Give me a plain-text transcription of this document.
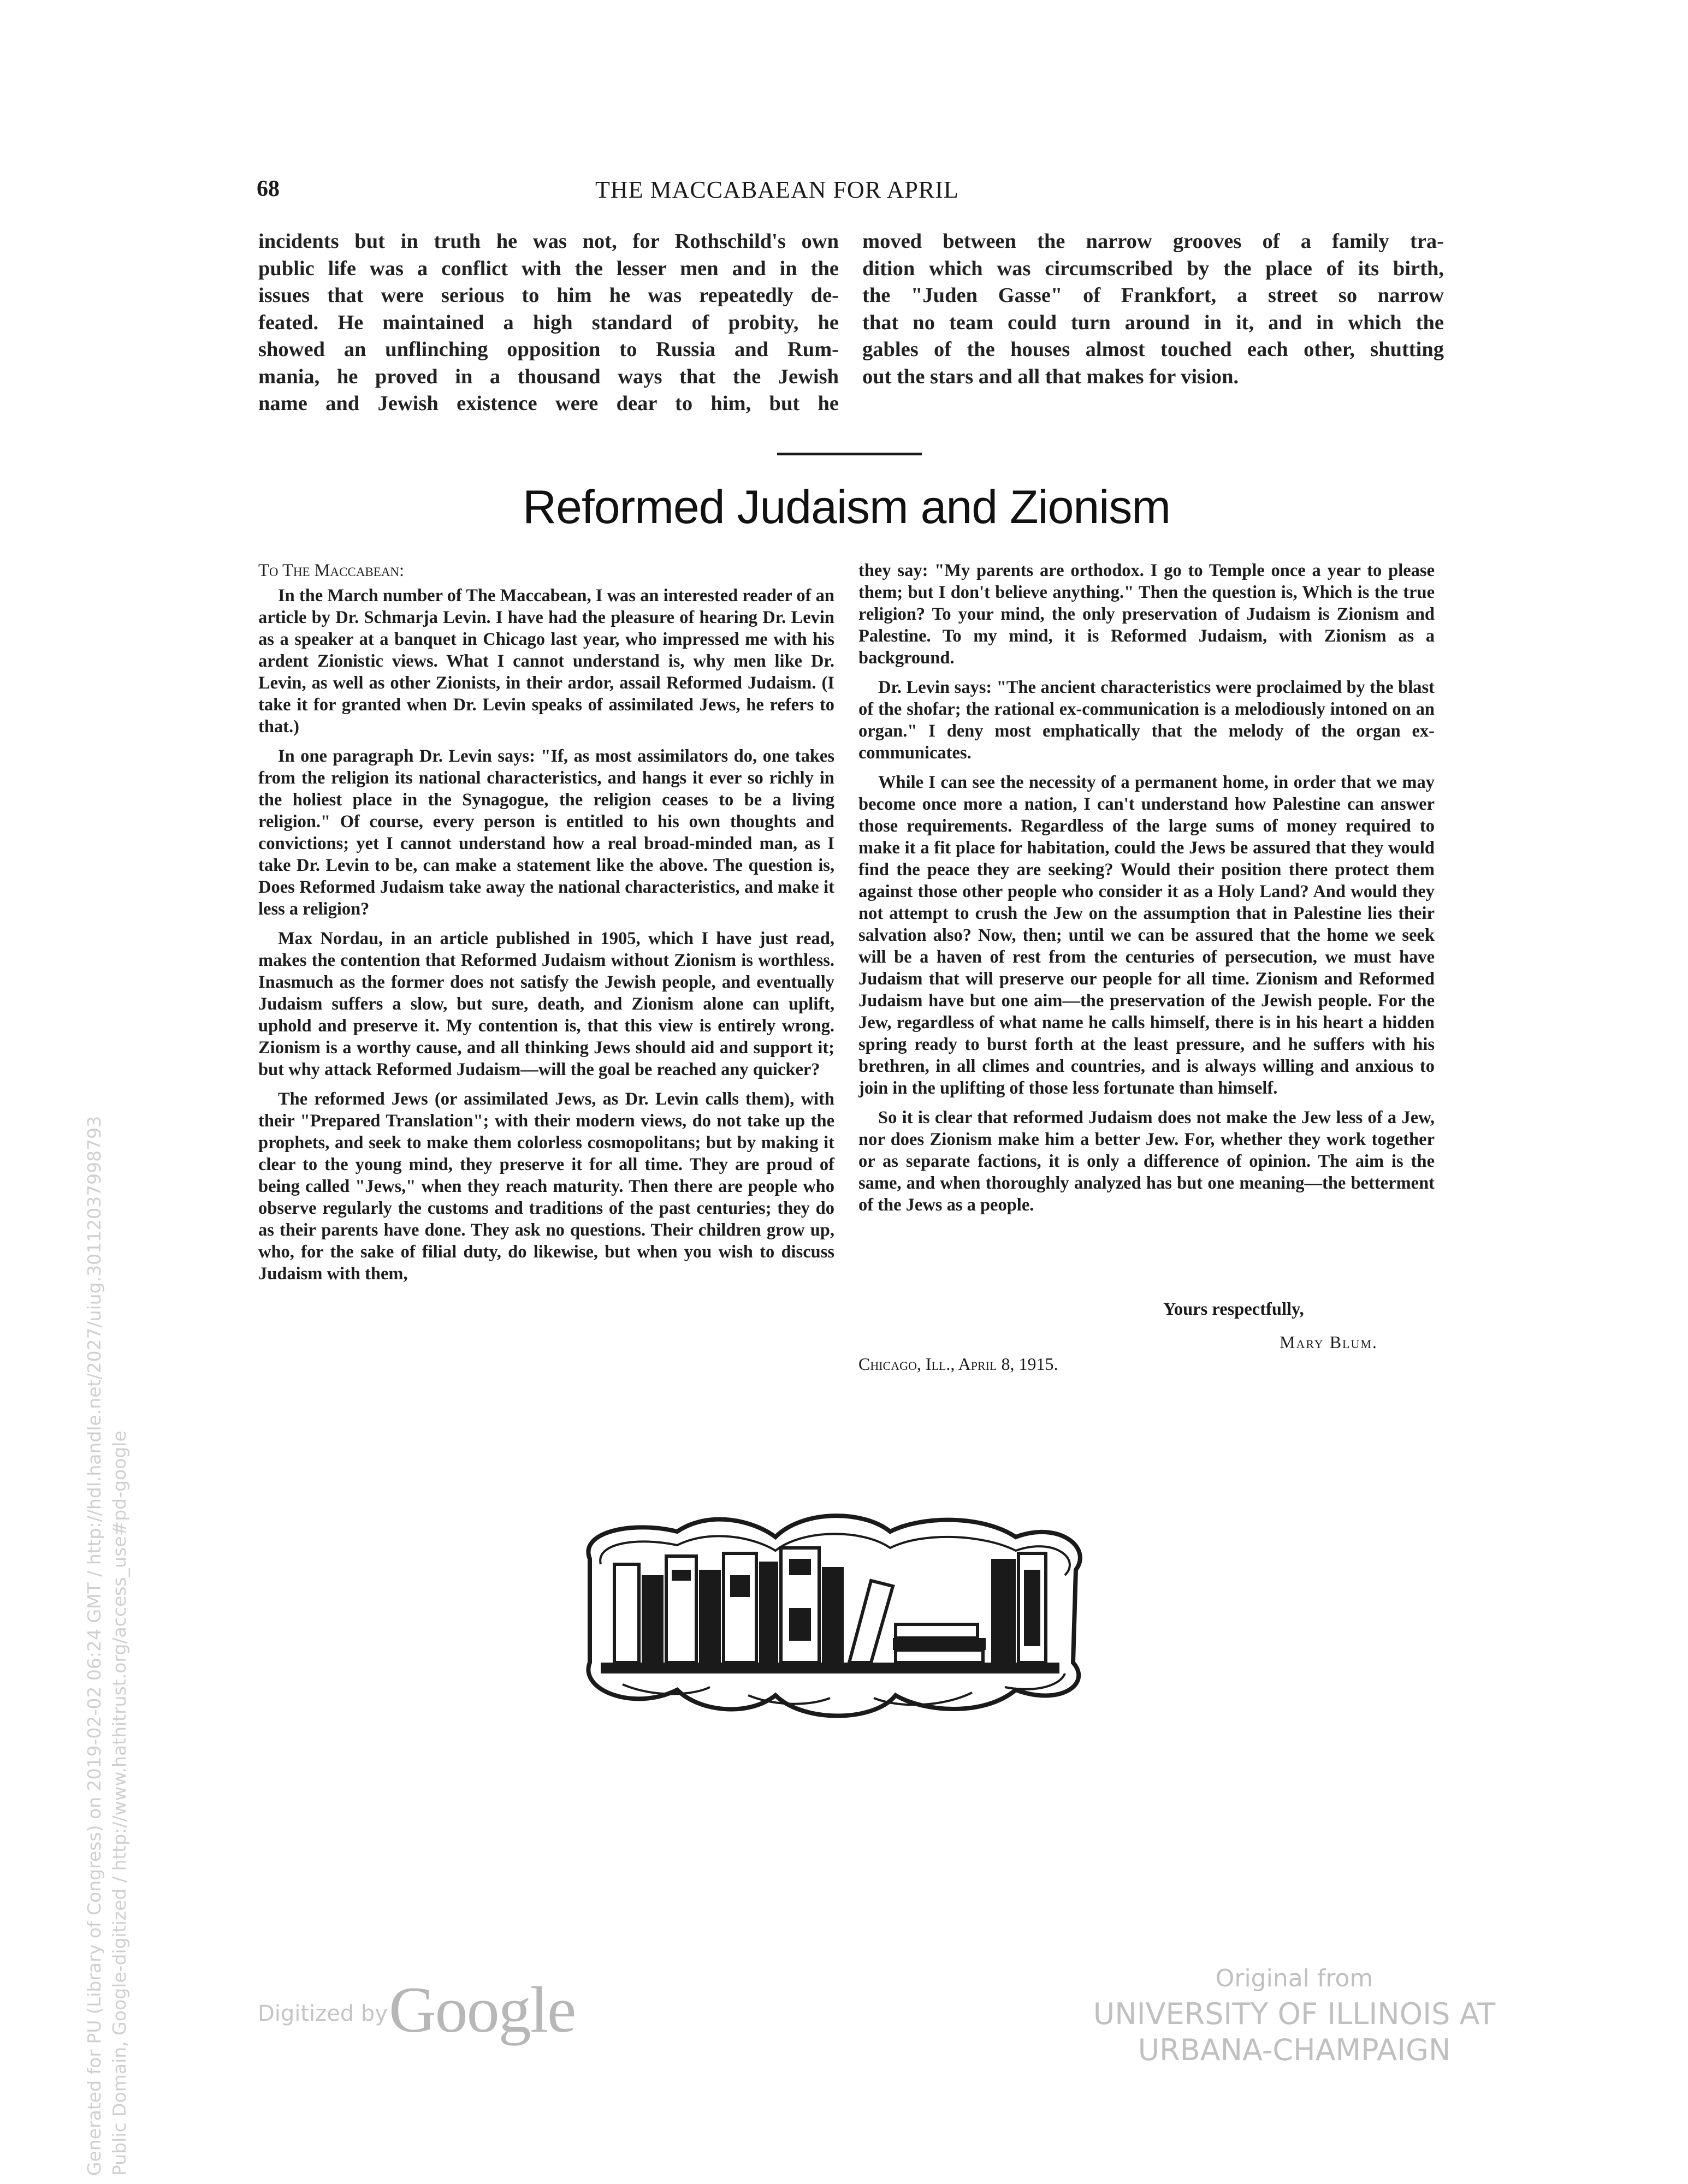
68	THE MACCABAEAN FOR APRIL
incidents but in truth he was not, for Rothschild's own
public life was a conflict with the lesser men and in the
issues that were serious to him he was repeatedly de-
feated. He maintained a high standard of probity, he
showed an unflinching opposition to Russia and Rum-
mania, he proved in a thousand ways that the Jewish
name and Jewish existence were dear to him, but he
moved between the narrow grooves of a family tra-
dition which was circumscribed by the place of its birth,
the "Juden Gasse" of Frankfort, a street so narrow
that no team could turn around in it, and in which the
gables of the houses almost touched each other, shutting
out the stars and all that makes for vision.
Reformed Judaism and Zionism

To The Maccabean:

In the March number of The Maccabean, I was an interested reader of an article by Dr. Schmarja Levin. I have had the pleasure of hearing Dr. Levin as a speaker at a banquet in Chicago last year, who impressed me with his ardent Zionistic views. What I cannot understand is, why men like Dr. Levin, as well as other Zionists, in their ardor, assail Reformed Judaism. (I take it for granted when Dr. Levin speaks of assimilated Jews, he refers to that.)

In one paragraph Dr. Levin says: "If, as most assimilators do, one takes from the religion its national characteristics, and hangs it ever so richly in the holiest place in the Synagogue, the religion ceases to be a living religion." Of course, every person is entitled to his own thoughts and convictions; yet I cannot understand how a real broad-minded man, as I take Dr. Levin to be, can make a statement like the above. The question is, Does Reformed Judaism take away the national characteristics, and make it less a religion?

Max Nordau, in an article published in 1905, which I have just read, makes the contention that Reformed Judaism without Zionism is worthless. Inasmuch as the former does not satisfy the Jewish people, and eventually Judaism suffers a slow, but sure, death, and Zionism alone can uplift, uphold and preserve it. My contention is, that this view is entirely wrong. Zionism is a worthy cause, and all thinking Jews should aid and support it; but why attack Reformed Judaism—will the goal be reached any quicker?

The reformed Jews (or assimilated Jews, as Dr. Levin calls them), with their "Prepared Translation"; with their modern views, do not take up the prophets, and seek to make them colorless cosmopolitans; but by making it clear to the young mind, they preserve it for all time. They are proud of being called "Jews," when they reach maturity. Then there are people who observe regularly the customs and traditions of the past centuries; they do as their parents have done. They ask no questions. Their children grow up, who, for the sake of filial duty, do likewise, but when you wish to discuss Judaism with them,

they say: "My parents are orthodox. I go to Temple once a year to please them; but I don't believe anything." Then the question is, Which is the true religion? To your mind, the only preservation of Judaism is Zionism and Palestine. To my mind, it is Reformed Judaism, with Zionism as a background.

Dr. Levin says: "The ancient characteristics were proclaimed by the blast of the shofar; the rational ex-communication is a melodiously intoned on an organ." I deny most emphatically that the melody of the organ ex-communicates.

While I can see the necessity of a permanent home, in order that we may become once more a nation, I can't understand how Palestine can answer those requirements. Regardless of the large sums of money required to make it a fit place for habitation, could the Jews be assured that they would find the peace they are seeking? Would their position there protect them against those other people who consider it as a Holy Land? And would they not attempt to crush the Jew on the assumption that in Palestine lies their salvation also? Now, then; until we can be assured that the home we seek will be a haven of rest from the centuries of persecution, we must have Judaism that will preserve our people for all time. Zionism and Reformed Judaism have but one aim—the preservation of the Jewish people. For the Jew, regardless of what name he calls himself, there is in his heart a hidden spring ready to burst forth at the least pressure, and he suffers with his brethren, in all climes and countries, and is always willing and anxious to join in the uplifting of those less fortunate than himself.

So it is clear that reformed Judaism does not make the Jew less of a Jew, nor does Zionism make him a better Jew. For, whether they work together or as separate factions, it is only a difference of opinion. The aim is the same, and when thoroughly analyzed has but one meaning—the betterment of the Jews as a people.

Yours respectfully,
Mary Blum.
Chicago, Ill., April 8, 1915.
Digitized by Google	Original from
UNIVERSITY OF ILLINOIS AT
URBANA-CHAMPAIGN
Generated for PU (Library of Congress) on 2019-02-02 06:24 GMT / http://hdl.handle.net/2027/uiug.30112037998793 Public Domain, Google-digitized / http://www.hathitrust.org/access_use#pd-google
